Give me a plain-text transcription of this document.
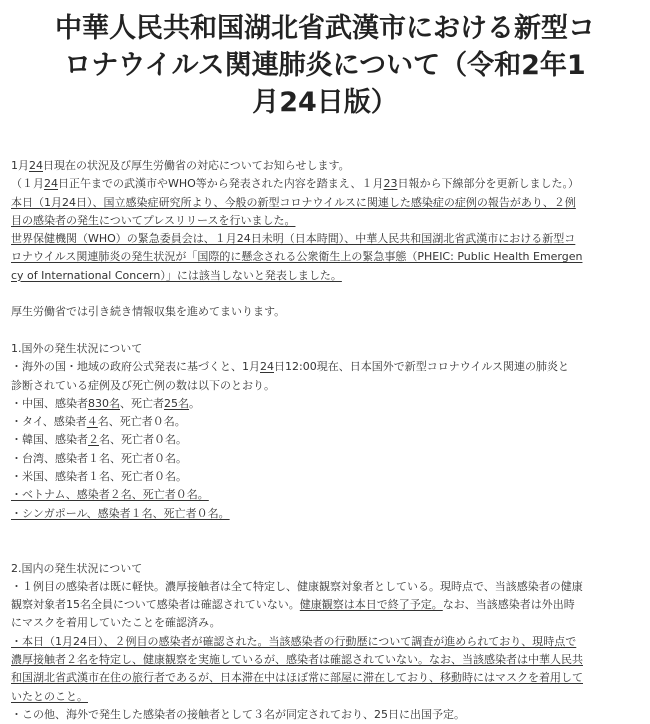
中華人民共和国湖北省武漢市における新型コ
ロナウイルス関連肺炎について（令和2年1
月24日版）
1月24日現在の状況及び厚生労働省の対応についてお知らせします。
（１月24日正午までの武漢市やWHO等から発表された内容を踏まえ、１月23日報から下線部分を更新しました。）
本日（1月24日）、国立感染症研究所より、今般の新型コロナウイルスに関連した感染症の症例の報告があり、２例
目の感染者の発生についてプレスリリースを行いました。
世界保健機関（WHO）の緊急委員会は、１月24日未明（日本時間）、中華人民共和国湖北省武漢市における新型コ
ロナウイルス関連肺炎の発生状況が「国際的に懸念される公衆衛生上の緊急事態（PHEIC: Public Health Emergen
cy of International Concern）」には該当しないと発表しました。
厚生労働省では引き続き情報収集を進めてまいります。
1.国外の発生状況について
・海外の国・地域の政府公式発表に基づくと、1月24日12:00現在、日本国外で新型コロナウイルス関連の肺炎と
診断されている症例及び死亡例の数は以下のとおり。
・中国、感染者830名、死亡者25名。
・タイ、感染者４名、死亡者０名。
・韓国、感染者２名、死亡者０名。
・台湾、感染者１名、死亡者０名。
・米国、感染者１名、死亡者０名。
・ベトナム、感染者２名、死亡者０名。
・シンガポール、感染者１名、死亡者０名。
2.国内の発生状況について
・１例目の感染者は既に軽快。濃厚接触者は全て特定し、健康観察対象者としている。現時点で、当該感染者の健康
観察対象者15名全員について感染者は確認されていない。健康観察は本日で終了予定。なお、当該感染者は外出時
にマスクを着用していたことを確認済み。
・本日（1月24日）、２例目の感染者が確認された。当該感染者の行動歴について調査が進められており、現時点で
濃厚接触者２名を特定し、健康観察を実施しているが、感染者は確認されていない。なお、当該感染者は中華人民共
和国湖北省武漢市在住の旅行者であるが、日本滞在中はほぼ常に部屋に滞在しており、移動時にはマスクを着用して
いたとのこと。
・この他、海外で発生した感染者の接触者として３名が同定されており、25日に出国予定。
